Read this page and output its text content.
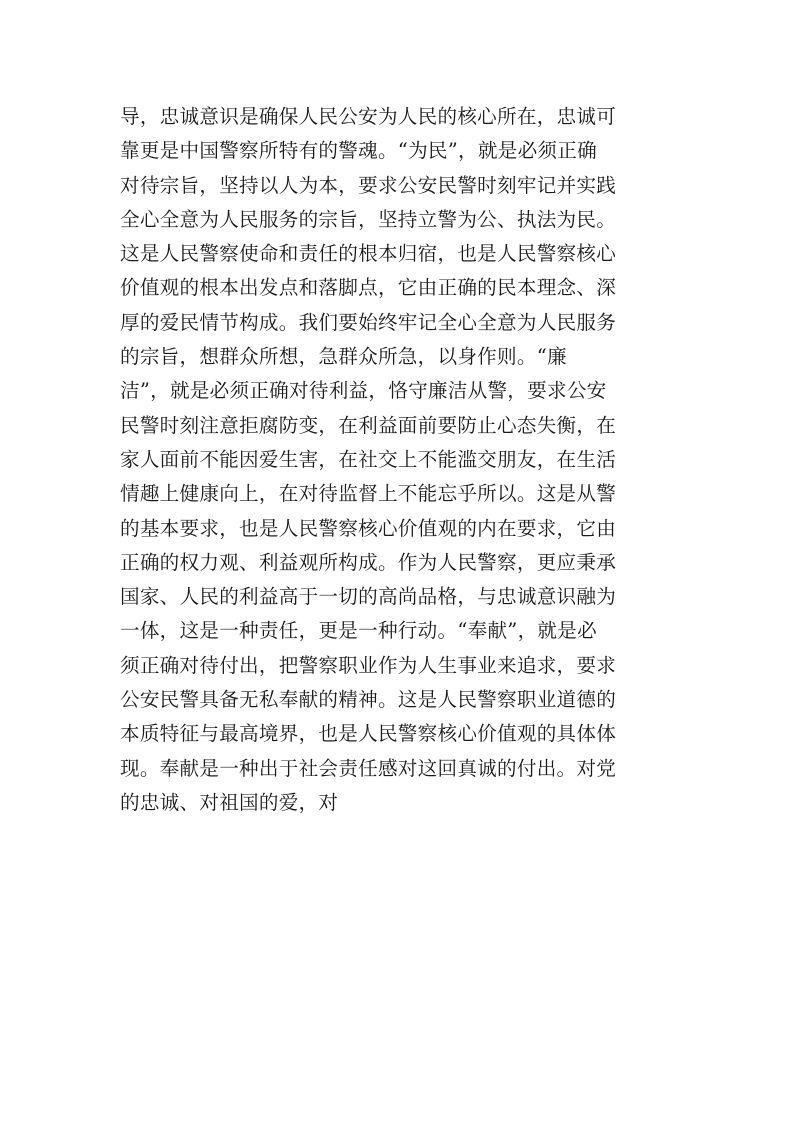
导，忠诚意识是确保人民公安为人民的核心所在，忠诚可
靠更是中国警察所特有的警魂。“为民”，就是必须正确
对待宗旨，坚持以人为本，要求公安民警时刻牢记并实践
全心全意为人民服务的宗旨，坚持立警为公、执法为民。
这是人民警察使命和责任的根本归宿，也是人民警察核心
价值观的根本出发点和落脚点，它由正确的民本理念、深
厚的爱民情节构成。我们要始终牢记全心全意为人民服务
的宗旨，想群众所想，急群众所急，以身作则。“廉
洁”，就是必须正确对待利益，恪守廉洁从警，要求公安
民警时刻注意拒腐防变，在利益面前要防止心态失衡，在
家人面前不能因爱生害，在社交上不能滥交朋友，在生活
情趣上健康向上，在对待监督上不能忘乎所以。这是从警
的基本要求，也是人民警察核心价值观的内在要求，它由
正确的权力观、利益观所构成。作为人民警察，更应秉承
国家、人民的利益高于一切的高尚品格，与忠诚意识融为
一体，这是一种责任，更是一种行动。“奉献”，就是必
须正确对待付出，把警察职业作为人生事业来追求，要求
公安民警具备无私奉献的精神。这是人民警察职业道德的
本质特征与最高境界，也是人民警察核心价值观的具体体
现。奉献是一种出于社会责任感对这回真诚的付出。对党
的忠诚、对祖国的爱，对
